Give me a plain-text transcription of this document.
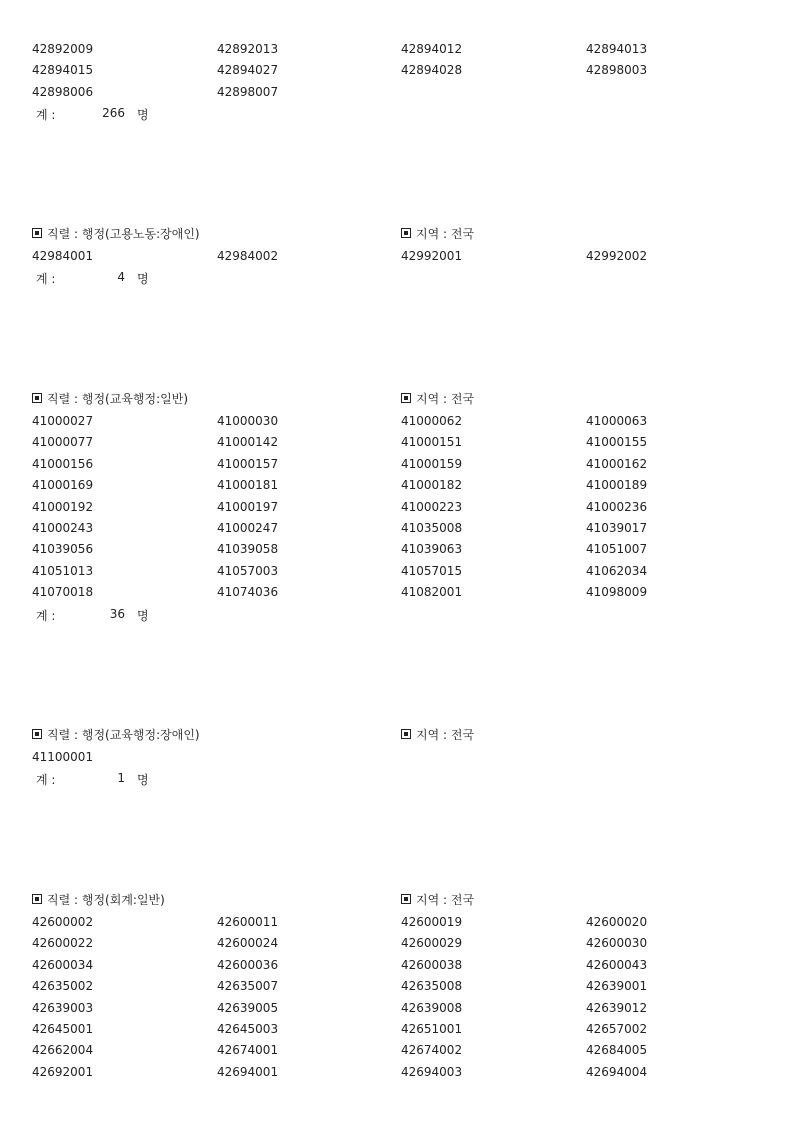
42892009	42892013	42894012	42894013
42894015	42894027	42894028	42898003
42898006	42898007
계 :	266 명
직렬 : 행정(고용노동:장애인)	지역 : 전국
42984001	42984002	42992001	42992002
계 :	4 명
직렬 : 행정(교육행정:일반)	지역 : 전국
41000027	41000030	41000062	41000063
41000077	41000142	41000151	41000155
41000156	41000157	41000159	41000162
41000169	41000181	41000182	41000189
41000192	41000197	41000223	41000236
41000243	41000247	41035008	41039017
41039056	41039058	41039063	41051007
41051013	41057003	41057015	41062034
41070018	41074036	41082001	41098009
계 :	36 명
직렬 : 행정(교육행정:장애인)	지역 : 전국
41100001
계 :	1 명
직렬 : 행정(회계:일반)	지역 : 전국
42600002	42600011	42600019	42600020
42600022	42600024	42600029	42600030
42600034	42600036	42600038	42600043
42635002	42635007	42635008	42639001
42639003	42639005	42639008	42639012
42645001	42645003	42651001	42657002
42662004	42674001	42674002	42684005
42692001	42694001	42694003	42694004
